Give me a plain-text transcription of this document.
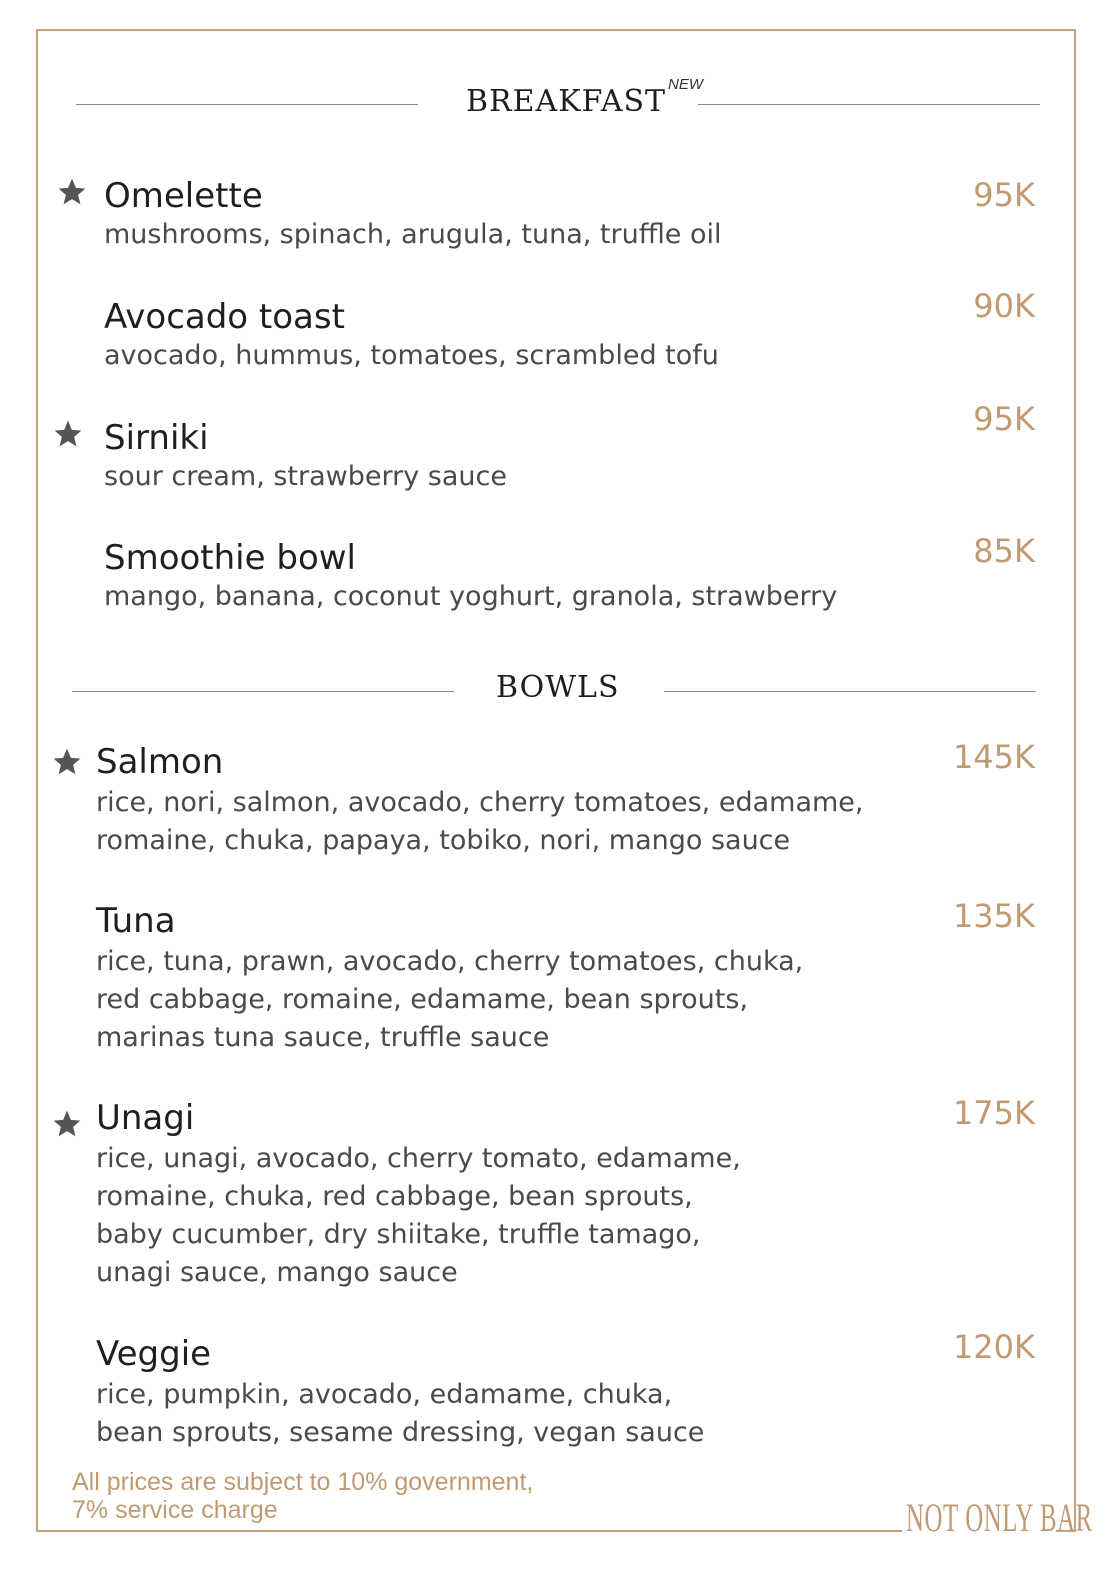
BREAKFAST NEW
Omelette	95K
mushrooms, spinach, arugula, tuna, truffle oil
Avocado toast	90K
avocado, hummus, tomatoes, scrambled tofu
Sirniki	95K
sour cream, strawberry sauce
Smoothie bowl	85K
mango, banana, coconut yoghurt, granola, strawberry
BOWLS
Salmon	145K
rice, nori, salmon, avocado, cherry tomatoes, edamame,
romaine, chuka, papaya, tobiko, nori, mango sauce
Tuna	135K
rice, tuna, prawn, avocado, cherry tomatoes, chuka,
red cabbage, romaine, edamame, bean sprouts,
marinas tuna sauce, truffle sauce
Unagi	175K
rice, unagi, avocado, cherry tomato, edamame,
romaine, chuka, red cabbage, bean sprouts,
baby cucumber, dry shiitake, truffle tamago,
unagi sauce, mango sauce
Veggie	120K
rice, pumpkin, avocado, edamame, chuka,
bean sprouts, sesame dressing, vegan sauce
All prices are subject to 10% government,
7% service charge	NOT ONLY BAR
